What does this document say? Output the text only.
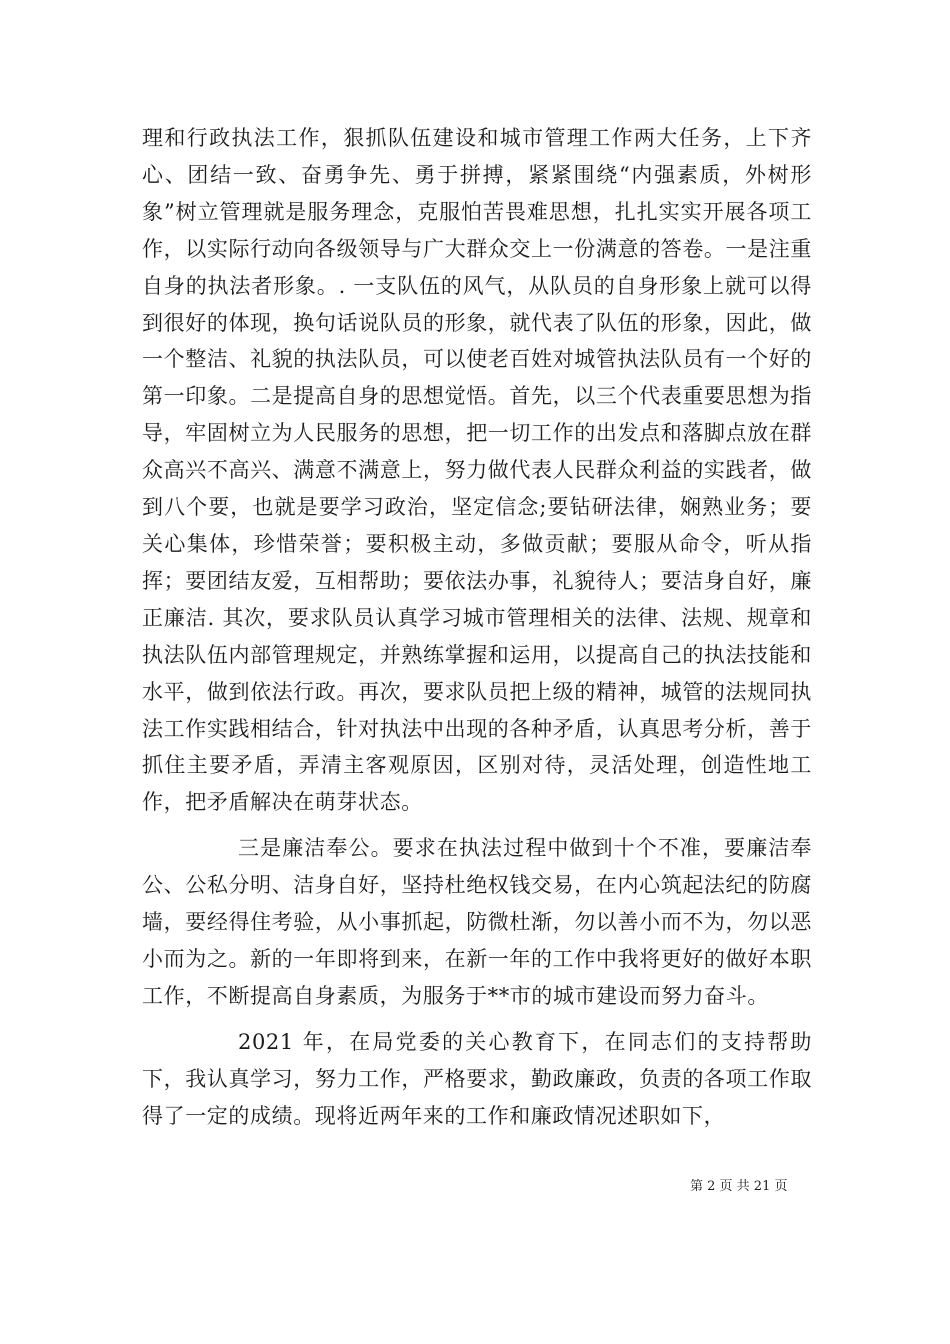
理和行政执法工作，狠抓队伍建设和城市管理工作两大任务，上下齐心、团结一致、奋勇争先、勇于拼搏，紧紧围绕“内强素质，外树形象”树立管理就是服务理念，克服怕苦畏难思想，扎扎实实开展各项工作，以实际行动向各级领导与广大群众交上一份满意的答卷。一是注重自身的执法者形象。. 一支队伍的风气，从队员的自身形象上就可以得到很好的体现，换句话说队员的形象，就代表了队伍的形象，因此，做一个整洁、礼貌的执法队员，可以使老百姓对城管执法队员有一个好的第一印象。二是提高自身的思想觉悟。首先，以三个代表重要思想为指导，牢固树立为人民服务的思想，把一切工作的出发点和落脚点放在群众高兴不高兴、满意不满意上，努力做代表人民群众利益的实践者，做到八个要，也就是要学习政治，坚定信念;要钻研法律，娴熟业务；要关心集体，珍惜荣誉；要积极主动，多做贡献；要服从命令，听从指挥；要团结友爱，互相帮助；要依法办事，礼貌待人；要洁身自好，廉正廉洁. 其次，要求队员认真学习城市管理相关的法律、法规、规章和执法队伍内部管理规定，并熟练掌握和运用，以提高自己的执法技能和水平，做到依法行政。再次，要求队员把上级的精神，城管的法规同执法工作实践相结合，针对执法中出现的各种矛盾，认真思考分析，善于抓住主要矛盾，弄清主客观原因，区别对待，灵活处理，创造性地工作，把矛盾解决在萌芽状态。

三是廉洁奉公。要求在执法过程中做到十个不准，要廉洁奉公、公私分明、洁身自好，坚持杜绝权钱交易，在内心筑起法纪的防腐墙，要经得住考验，从小事抓起，防微杜渐，勿以善小而不为，勿以恶小而为之。新的一年即将到来，在新一年的工作中我将更好的做好本职工作，不断提高自身素质，为服务于**市的城市建设而努力奋斗。

2021 年，在局党委的关心教育下，在同志们的支持帮助下，我认真学习，努力工作，严格要求，勤政廉政，负责的各项工作取得了一定的成绩。现将近两年来的工作和廉政情况述职如下，

第 2 页 共 21 页
